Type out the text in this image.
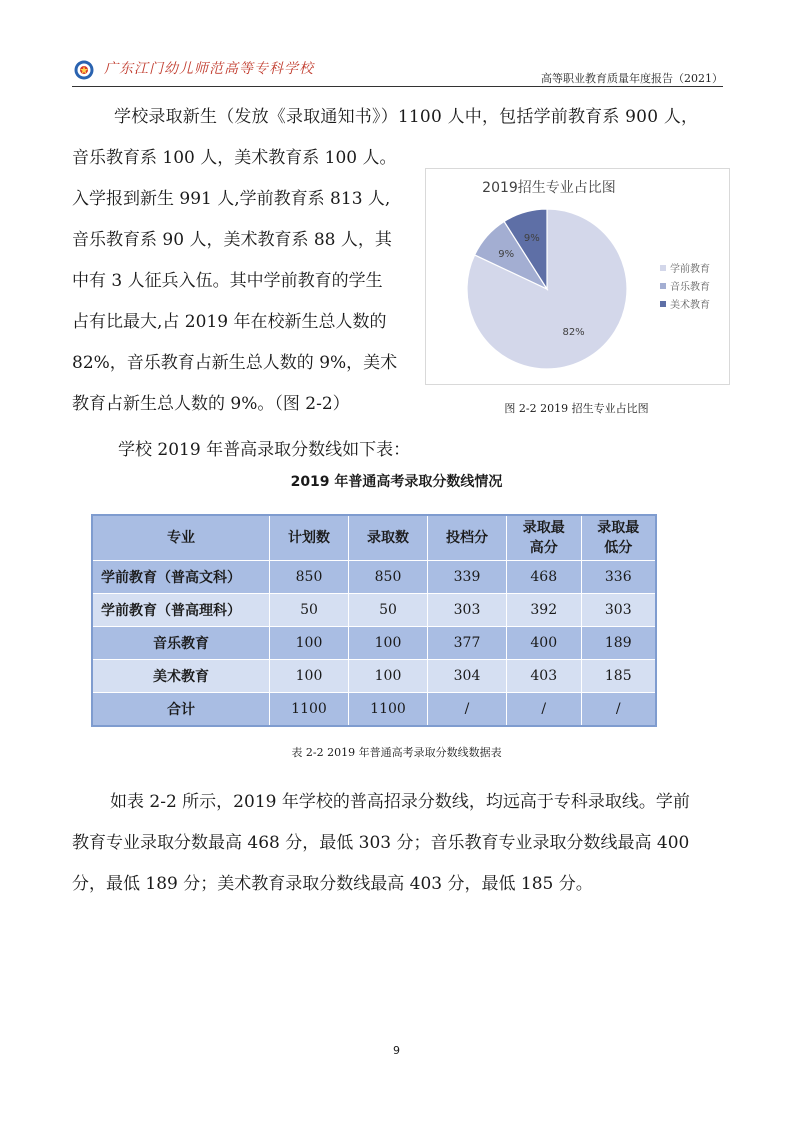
广东江门幼儿师范高等专科学校
高等职业教育质量年度报告（2021）
学校录取新生（发放《录取通知书》）1100 人中，包括学前教育系 900 人，
音乐教育系 100 人，美术教育系 100 人。
入学报到新生 991 人,学前教育系 813 人,
音乐教育系 90 人，美术教育系 88 人，其
中有 3 人征兵入伍。其中学前教育的学生
占有比最大,占 2019 年在校新生总人数的
82%，音乐教育占新生总人数的 9%，美术
教育占新生总人数的 9%。（图 2-2）
2019招生专业占比图
82%
9%
9%
学前教育
音乐教育
美术教育
图 2-2 2019 招生专业占比图
学校 2019 年普高录取分数线如下表：
2019 年普通高考录取分数线情况
专业	计划数	录取数	投档分	录取最高分	录取最低分
学前教育（普高文科）	850	850	339	468	336
学前教育（普高理科）	50	50	303	392	303
音乐教育	100	100	377	400	189
美术教育	100	100	304	403	185
合计	1100	1100	/	/	/
表 2-2 2019 年普通高考录取分数线数据表
如表 2-2 所示，2019 年学校的普高招录分数线，均远高于专科录取线。学前
教育专业录取分数最高 468 分，最低 303 分；音乐教育专业录取分数线最高 400
分，最低 189 分；美术教育录取分数线最高 403 分，最低 185 分。
9
